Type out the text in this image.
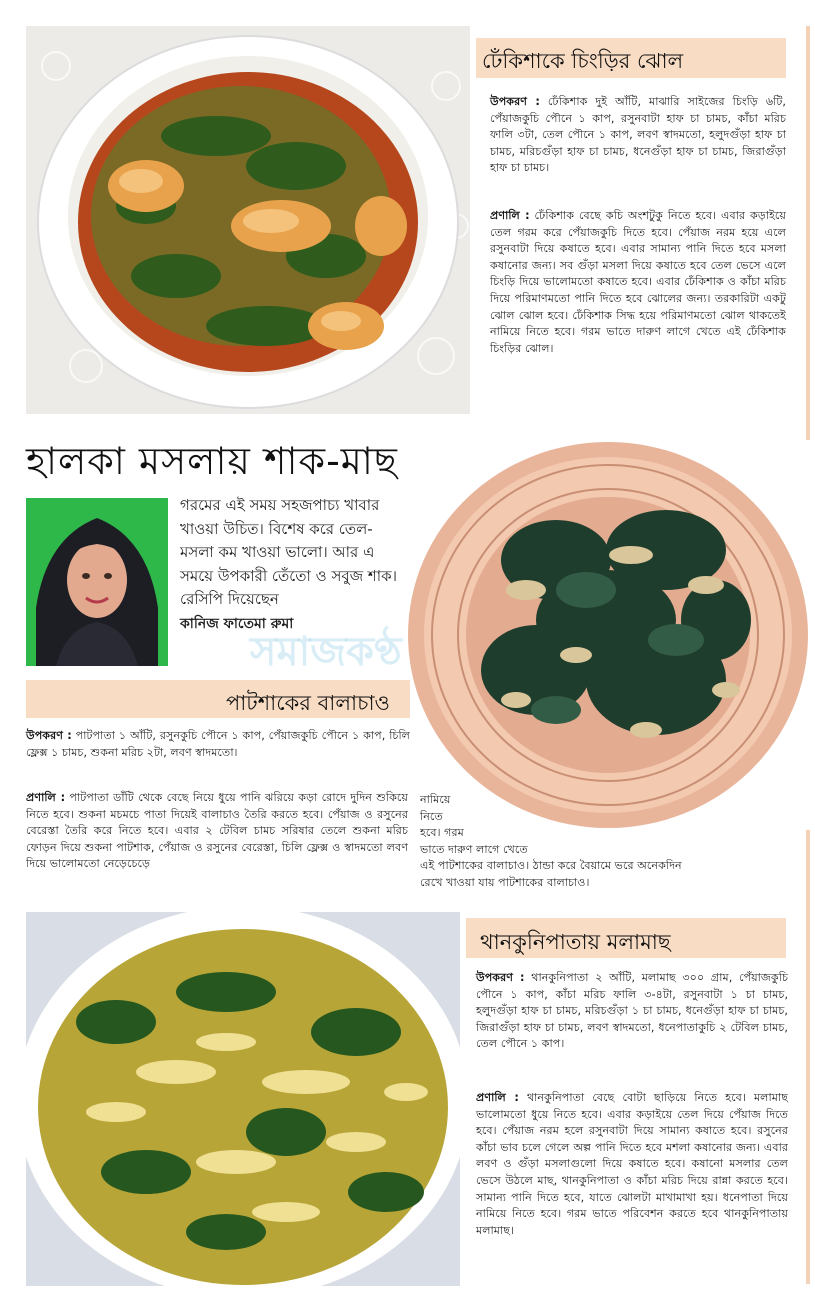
ঢেঁকিশাকে চিংড়ির ঝোল

উপকরণ : ঢেঁকিশাক দুই আঁটি, মাঝারি সাইজের চিংড়ি ৬টি, পেঁয়াজকুচি পৌনে ১ কাপ, রসুনবাটা হাফ চা চামচ, কাঁচা মরিচ ফালি ৩টা, তেল পৌনে ১ কাপ, লবণ স্বাদমতো, হলুদগুঁড়া হাফ চা চামচ, মরিচগুঁড়া হাফ চা চামচ, ধনেগুঁড়া হাফ চা চামচ, জিরাগুঁড়া হাফ চা চামচ।

প্রণালি : ঢেঁকিশাক বেছে কচি অংশটুকু নিতে হবে। এবার কড়াইয়ে তেল গরম করে পেঁয়াজকুচি দিতে হবে। পেঁয়াজ নরম হয়ে এলে রসুনবাটা দিয়ে কষাতে হবে। এবার সামান্য পানি দিতে হবে মসলা কষানোর জন্য। সব গুঁড়া মসলা দিয়ে কষাতে হবে তেল ভেসে এলে চিংড়ি দিয়ে ভালোমতো কষাতে হবে। এবার ঢেঁকিশাক ও কাঁচা মরিচ দিয়ে পরিমাণমতো পানি দিতে হবে ঝোলের জন্য। তরকারিটা একটু ঝোল ঝোল হবে। ঢেঁকিশাক সিদ্ধ হয়ে পরিমাণমতো ঝোল থাকতেই নামিয়ে নিতে হবে। গরম ভাতে দারুণ লাগে খেতে এই ঢেঁকিশাক চিংড়ির ঝোল।

হালকা মসলায় শাক-মাছ

গরমের এই সময় সহজপাচ্য খাবার খাওয়া উচিত। বিশেষ করে তেল-মসলা কম খাওয়া ভালো। আর এ সময়ে উপকারী তেঁতো ও সবুজ শাক। রেসিপি দিয়েছেন
কানিজ ফাতেমা রুমা

সমাজকণ্ঠ
পাটশাকের বালাচাও

উপকরণ : পাটপাতা ১ আঁটি, রসুনকুচি পৌনে ১ কাপ, পেঁয়াজকুচি পৌনে ১ কাপ, চিলি ফ্লেক্স ১ চামচ, শুকনা মরিচ ২টা, লবণ স্বাদমতো।

প্রণালি : পাটপাতা ডাঁটি থেকে বেছে নিয়ে ধুয়ে পানি ঝরিয়ে কড়া রোদে দুদিন শুকিয়ে নিতে হবে। শুকনা মচমচে পাতা দিয়েই বালাচাও তৈরি করতে হবে। পেঁয়াজ ও রসুনের বেরেস্তা তৈরি করে নিতে হবে। এবার ২ টেবিল চামচ সরিষার তেলে শুকনা মরিচ ফোড়ন দিয়ে শুকনা পাটশাক, পেঁয়াজ ও রসুনের বেরেস্তা, চিলি ফ্লেক্স ও স্বাদমতো লবণ দিয়ে ভালোমতো নেড়েচেড়ে

নামিয়ে
নিতে
হবে। গরম
ভাতে দারুণ লাগে খেতে
এই পাটশাকের বালাচাও। ঠান্ডা করে বৈয়ামে ভরে অনেকদিন
রেখে খাওয়া যায় পাটশাকের বালাচাও।
থানকুনিপাতায় মলামাছ

উপকরণ : থানকুনিপাতা ২ আঁটি, মলামাছ ৩০০ গ্রাম, পেঁয়াজকুচি পৌনে ১ কাপ, কাঁচা মরিচ ফালি ৩-৪টা, রসুনবাটা ১ চা চামচ, হলুদগুঁড়া হাফ চা চামচ, মরিচগুঁড়া ১ চা চামচ, ধনেগুঁড়া হাফ চা চামচ, জিরাগুঁড়া হাফ চা চামচ, লবণ স্বাদমতো, ধনেপাতাকুচি ২ টেবিল চামচ, তেল পৌনে ১ কাপ।

প্রণালি : থানকুনিপাতা বেছে বোটা ছাড়িয়ে নিতে হবে। মলামাছ ভালোমতো ধুয়ে নিতে হবে। এবার কড়াইয়ে তেল দিয়ে পেঁয়াজ দিতে হবে। পেঁয়াজ নরম হলে রসুনবাটা দিয়ে সামান্য কষাতে হবে। রসুনের কাঁচা ভাব চলে গেলে অল্প পানি দিতে হবে মশলা কষানোর জন্য। এবার লবণ ও গুঁড়া মসলাগুলো দিয়ে কষাতে হবে। কষানো মসলার তেল ভেসে উঠলে মাছ, থানকুনিপাতা ও কাঁচা মরিচ দিয়ে রান্না করতে হবে। সামান্য পানি দিতে হবে, যাতে ঝোলটা মাখামাখা হয়। ধনেপাতা দিয়ে নামিয়ে নিতে হবে। গরম ভাতে পরিবেশন করতে হবে থানকুনিপাতায় মলামাছ।
